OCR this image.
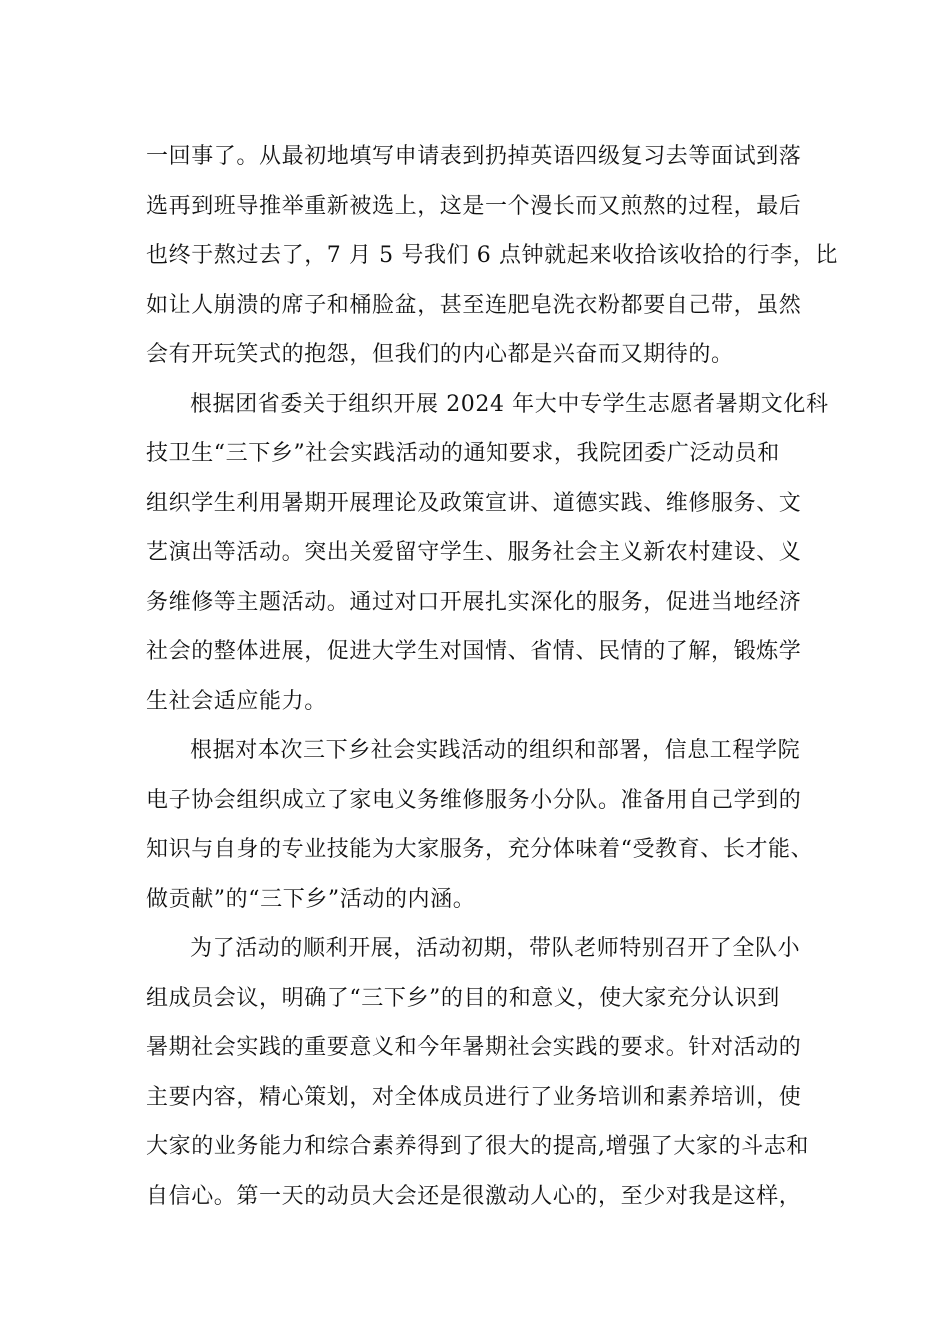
一回事了。从最初地填写申请表到扔掉英语四级复习去等面试到落
选再到班导推举重新被选上，这是一个漫长而又煎熬的过程，最后
也终于熬过去了，7 月 5 号我们 6 点钟就起来收拾该收拾的行李，比
如让人崩溃的席子和桶脸盆，甚至连肥皂洗衣粉都要自己带，虽然
会有开玩笑式的抱怨，但我们的内心都是兴奋而又期待的。
根据团省委关于组织开展 2024 年大中专学生志愿者暑期文化科
技卫生“三下乡”社会实践活动的通知要求，我院团委广泛动员和
组织学生利用暑期开展理论及政策宣讲、道德实践、维修服务、文
艺演出等活动。突出关爱留守学生、服务社会主义新农村建设、义
务维修等主题活动。通过对口开展扎实深化的服务，促进当地经济
社会的整体进展，促进大学生对国情、省情、民情的了解，锻炼学
生社会适应能力。
根据对本次三下乡社会实践活动的组织和部署，信息工程学院
电子协会组织成立了家电义务维修服务小分队。准备用自己学到的
知识与自身的专业技能为大家服务，充分体味着“受教育、长才能、
做贡献”的“三下乡”活动的内涵。
为了活动的顺利开展，活动初期，带队老师特别召开了全队小
组成员会议，明确了“三下乡”的目的和意义，使大家充分认识到
暑期社会实践的重要意义和今年暑期社会实践的要求。针对活动的
主要内容，精心策划，对全体成员进行了业务培训和素养培训，使
大家的业务能力和综合素养得到了很大的提高,增强了大家的斗志和
自信心。第一天的动员大会还是很激动人心的，至少对我是这样，
